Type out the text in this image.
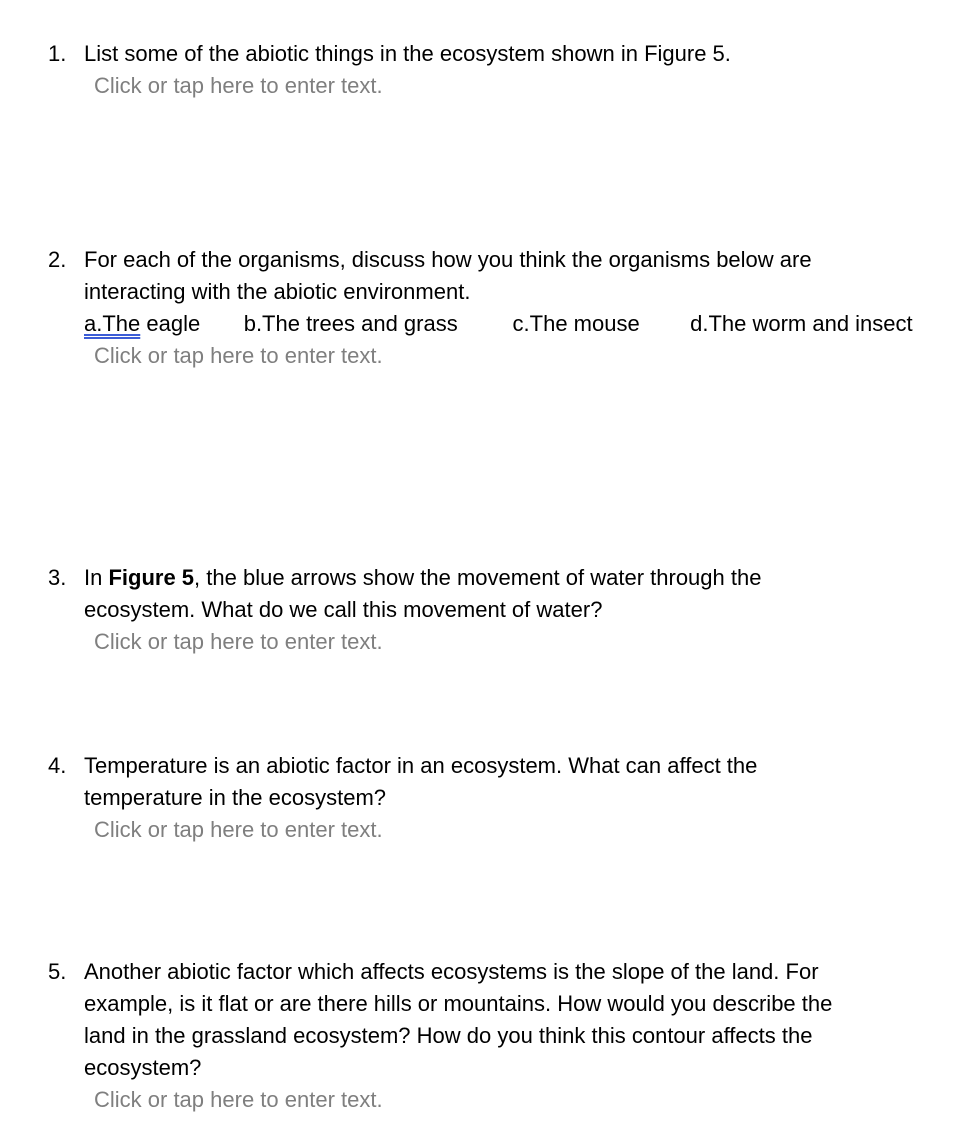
1. List some of the abiotic things in the ecosystem shown in Figure 5.
Click or tap here to enter text.
2. For each of the organisms, discuss how you think the organisms below are
interacting with the abiotic environment.
a.The eagle	b.The trees and grass	c.The mouse	d.The worm and insect
Click or tap here to enter text.
3. In Figure 5, the blue arrows show the movement of water through the
ecosystem. What do we call this movement of water?
Click or tap here to enter text.
4. Temperature is an abiotic factor in an ecosystem. What can affect the
temperature in the ecosystem?
Click or tap here to enter text.
5. Another abiotic factor which affects ecosystems is the slope of the land. For
example, is it flat or are there hills or mountains. How would you describe the
land in the grassland ecosystem? How do you think this contour affects the
ecosystem?
Click or tap here to enter text.
